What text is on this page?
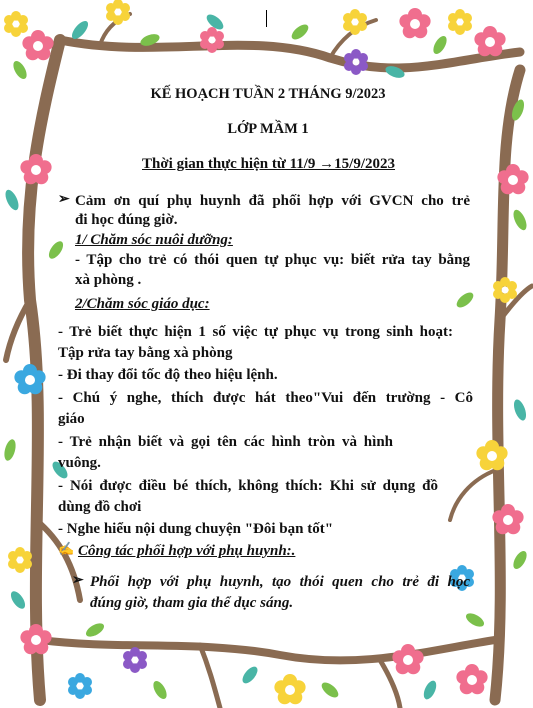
KẾ HOẠCH TUẦN 2 THÁNG 9/2023
LỚP MẦM 1
Thời gian thực hiện từ 11/9 →15/9/2023
➢ Cảm ơn quí phụ huynh đã phối hợp với GVCN cho trẻ
đi học đúng giờ.
1/ Chăm sóc nuôi dưỡng:
- Tập cho trẻ có thói quen tự phục vụ: biết rửa tay bằng
xà phòng .
2/Chăm sóc giáo dục:
- Trẻ biết thực hiện 1 số việc tự phục vụ trong sinh hoạt:
Tập rửa tay bằng xà phòng
- Đi thay đổi tốc độ theo hiệu lệnh.
- Chú ý nghe, thích được hát theo"Vui đến trường - Cô
giáo
- Trẻ nhận biết và gọi tên các hình tròn và hình
vuông.
- Nói được điều bé thích, không thích: Khi sử dụng đồ
dùng đồ chơi
- Nghe hiểu nội dung chuyện "Đôi bạn tốt"
✍ Công tác phối hợp với phụ huynh:.
➢ Phối hợp với phụ huynh, tạo thói quen cho trẻ đi học
đúng giờ, tham gia thể dục sáng.
